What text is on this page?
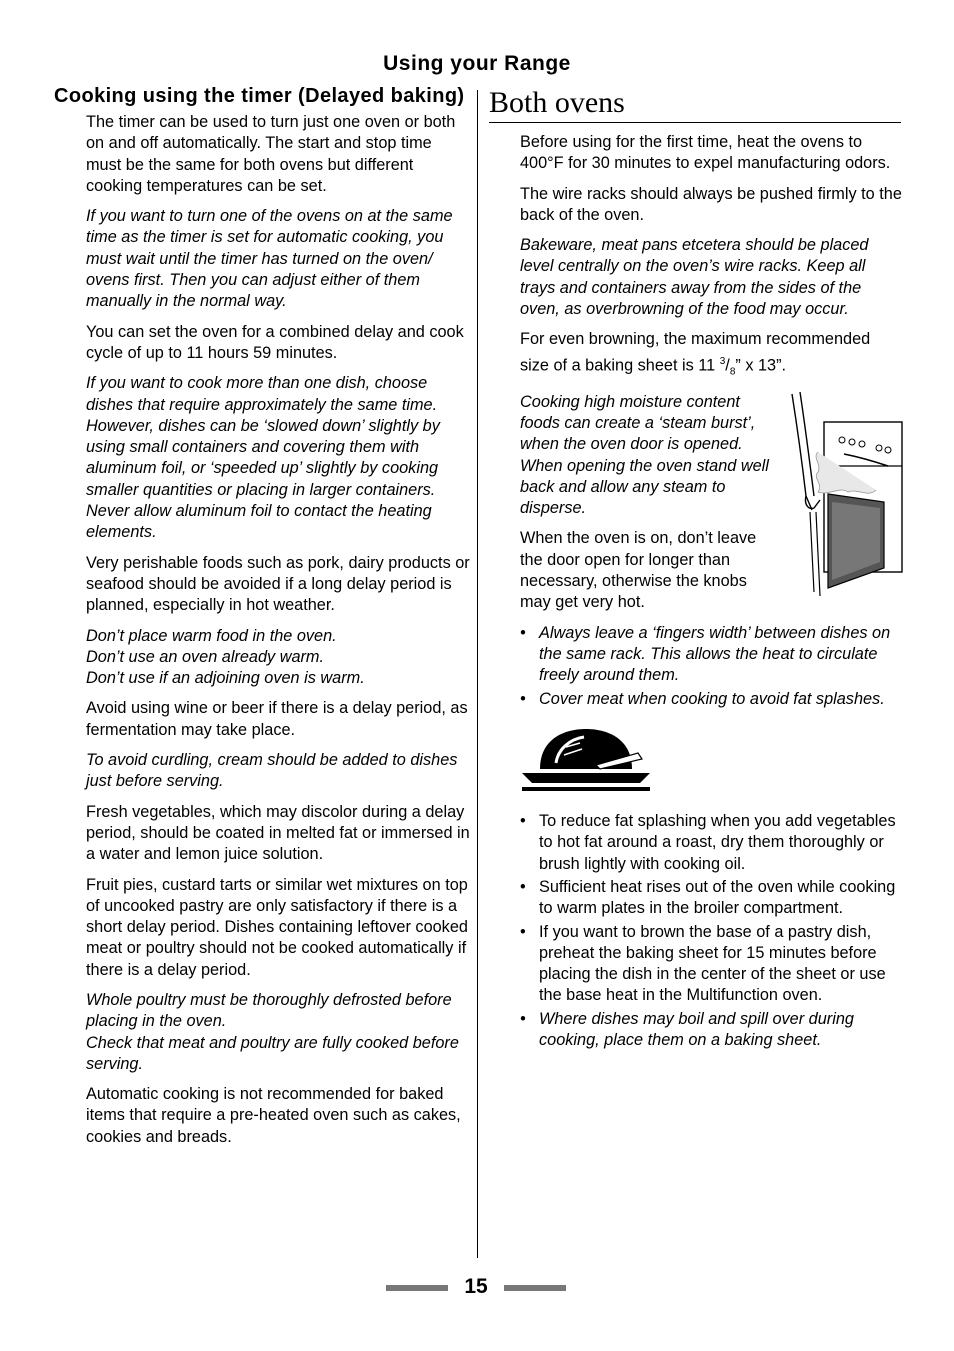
Using your Range
Cooking using the timer (Delayed baking)

The timer can be used to turn just one oven or both on and off automatically. The start and stop time must be the same for both ovens but different cooking temperatures can be set.

If you want to turn one of the ovens on at the same time as the timer is set for automatic cooking, you must wait until the timer has turned on the oven/ ovens first. Then you can adjust either of them manually in the normal way.

You can set the oven for a combined delay and cook cycle of up to 11 hours 59 minutes.

If you want to cook more than one dish, choose dishes that require approximately the same time. However, dishes can be ‘slowed down’ slightly by using small containers and covering them with aluminum foil, or ‘speeded up’ slightly by cooking smaller quantities or placing in larger containers. Never allow aluminum foil to contact the heating elements.

Very perishable foods such as pork, dairy products or seafood should be avoided if a long delay period is planned, especially in hot weather.

Don’t place warm food in the oven.
Don’t use an oven already warm.
Don’t use if an adjoining oven is warm.

Avoid using wine or beer if there is a delay period, as fermentation may take place.

To avoid curdling, cream should be added to dishes just before serving.

Fresh vegetables, which may discolor during a delay period, should be coated in melted fat or immersed in a water and lemon juice solution.

Fruit pies, custard tarts or similar wet mixtures on top of uncooked pastry are only satisfactory if there is a short delay period. Dishes containing leftover cooked meat or poultry should not be cooked automatically if there is a delay period.

Whole poultry must be thoroughly defrosted before placing in the oven.
Check that meat and poultry are fully cooked before serving.

Automatic cooking is not recommended for baked items that require a pre-heated oven such as cakes, cookies and breads.

Both ovens

Before using for the first time, heat the ovens to 400°F for 30 minutes to expel manufacturing odors.

The wire racks should always be pushed firmly to the back of the oven.

Bakeware, meat pans etcetera should be placed level centrally on the oven’s wire racks. Keep all trays and containers away from the sides of the oven, as overbrowning of the food may occur.

For even browning, the maximum recommended size of a baking sheet is 11 $^3/_8$” x 13”.

Cooking high moisture content foods can create a ‘steam burst’, when the oven door is opened. When opening the oven stand well back and allow any steam to disperse.

When the oven is on, don’t leave the door open for longer than necessary, otherwise the knobs may get very hot.

• Always leave a ‘fingers width’ between dishes on the same rack. This allows the heat to circulate freely around them.
• Cover meat when cooking to avoid fat splashes.
• To reduce fat splashing when you add vegetables to hot fat around a roast, dry them thoroughly or brush lightly with cooking oil.
• Sufficient heat rises out of the oven while cooking to warm plates in the broiler compartment.
• If you want to brown the base of a pastry dish, preheat the baking sheet for 15 minutes before placing the dish in the center of the sheet or use the base heat in the Multifunction oven.
• Where dishes may boil and spill over during cooking, place them on a baking sheet.
15
